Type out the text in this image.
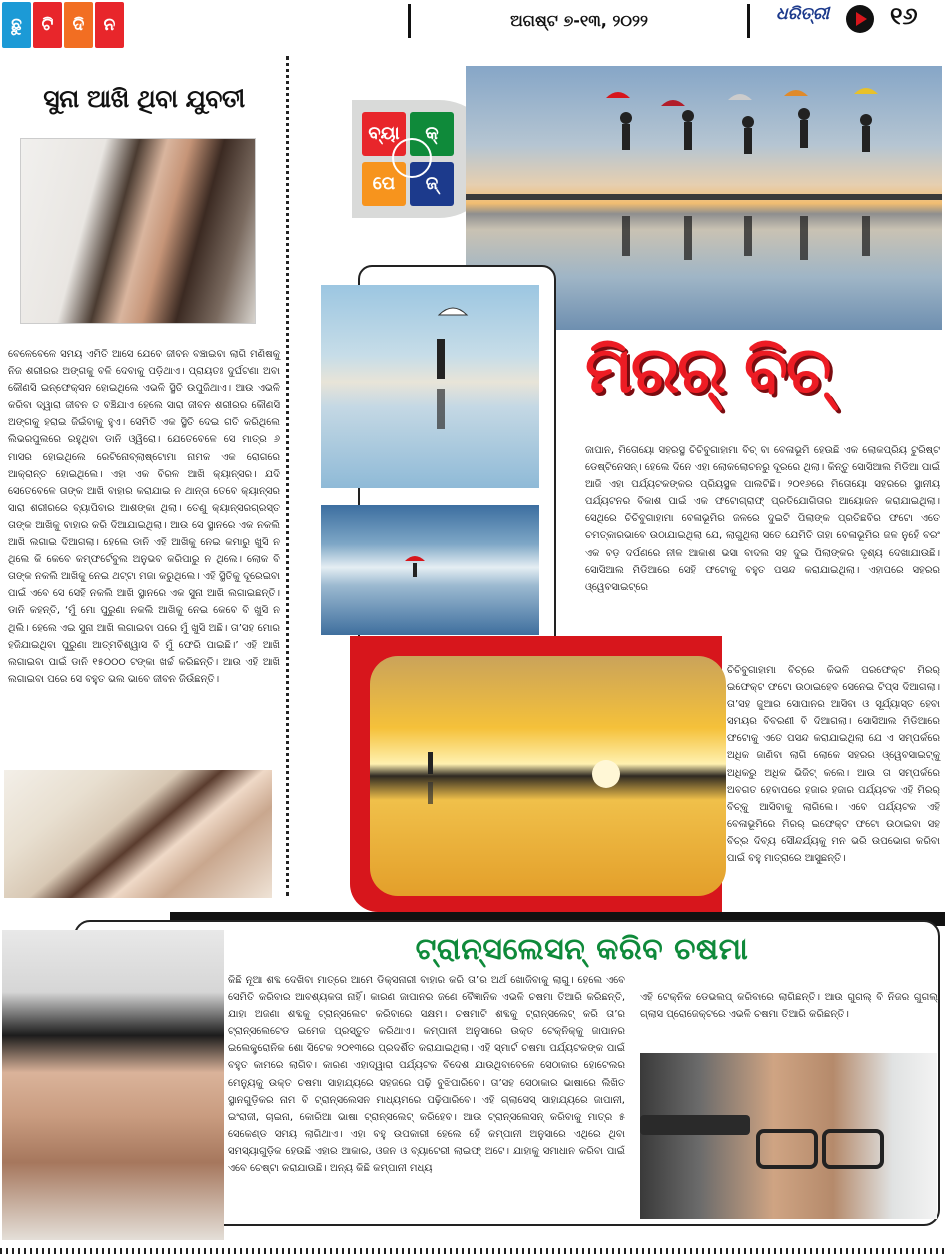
ଛୁ	ଟି	ଦି	ନ	ଅଗଷ୍ଟ ୭-୧୩, ୨୦୨୨	ଧରିତ୍ରୀ	୧୬
ସୁନା ଆଖି ଥିବା ଯୁବତୀ
ବେଳେବେଳେ ସମୟ ଏମିତି ଆସେ ଯେବେ ଜୀବନ ବଞ୍ଚାଇବା ଲାଗି ମଣିଷକୁ ନିଜ ଶରୀରର ଅଙ୍ଗକୁ ବଳି ଦେବାକୁ ପଡ଼ିଥାଏ। ପ୍ରାୟତଃ ଦୁର୍ଘଟଣା ଅବା କୌଣସି ଇନ୍‌ଫେକ୍ସନ ହୋଇଥିଲେ ଏଭଳି ସ୍ଥିତି ଉପୁଜିଥାଏ। ଆଉ ଏଭଳି କରିବା ଦ୍ୱାରା ଜୀବନ ତ ବଞ୍ଚିଯାଏ ହେଲେ ସାରା ଜୀବନ ଶରୀରର କୌଣସି ଅଙ୍ଗକୁ ହରାଇ ଜିଇଁବାକୁ ହୁଏ। ସେମିତି ଏକ ସ୍ଥିତି ଦେଇ ଗତି କରିଥିଲେ ଲିଭରପୁଲରେ ରହୁଥିବା ଡାନି ଓ୍ୱିରୋ। ଯେତେବେଳେ ସେ ମାତ୍ର ୬ ମାସର ହୋଇଥିଲେ ରେଟିନୋବ୍ଲାଷ୍ଟୋମା ନାମକ ଏକ ରୋଗରେ ଆକ୍ରାନ୍ତ ହୋଇଥିଲେ। ଏହା ଏକ ବିରଳ ଆଖି କ୍ୟାନ୍ସର। ଯଦି ସେତେବେଳେ ତାଙ୍କ ଆଖି ବାହାର କରାଯାଇ ନ ଥାନ୍ତା ତେବେ କ୍ୟାନ୍ସର ସାରା ଶରୀରରେ ବ୍ୟାପିବାର ଆଶଙ୍କା ଥିଲା। ତେଣୁ କ୍ୟାନ୍ସରଗ୍ରସ୍ତ ତାଙ୍କ ଆଖିକୁ ବାହାର କରି ଦିଆଯାଇଥିଲା। ଆଉ ସେ ସ୍ଥାନରେ ଏକ ନକଲି ଆଖି ଲଗାଇ ଦିଆଗଲା। ହେଲେ ଡାନି ଏହି ଆଖିକୁ ନେଇ କମାରୁ ଖୁସି ନ ଥିଲେ କି କେବେ କମ୍ଫର୍ଟେବୁଲ ଅନୁଭବ କରିପାରୁ ନ ଥିଲେ। ଲୋକ ବି ତାଙ୍କ ନକଲି ଆଖିକୁ ନେଇ ଥଟ୍ଟା ମଜା କରୁଥିଲେ। ଏହି ସ୍ଥିତିକୁ ଦୂରେଇବା ପାଇଁ ଏବେ ସେ ସେହି ନକଲି ଆଖି ସ୍ଥାନରେ ଏକ ସୁନା ଆଖି ଲଗାଇଛନ୍ତି। ଡାନି କହନ୍ତି, ‘ମୁଁ ମୋ ପୁରୁଣା ନକଲି ଆଖିକୁ ନେଇ କେବେ ବି ଖୁସି ନ ଥିଲି। ହେଲେ ଏଇ ସୁନା ଆଖି ଲଗାଇବା ପରେ ମୁଁ ଖୁସି ଅଛି। ତା’ସହ ମୋର ହଜିଯାଇଥିବା ପୁରୁଣା ଆତ୍ମବିଶ୍ୱାସ ବି ମୁଁ ଫେରି ପାଇଛି।’ ଏହି ଆଖି ଲଗାଇବା ପାଇଁ ଡାନି ୧୫୦୦୦ ଟଙ୍କା ଖର୍ଚ୍ଚ କରିଛନ୍ତି। ଆଉ ଏହି ଆଖି ଲଗାଇବା ପରେ ସେ ବହୁତ ଭଲ ଭାବେ ଜୀବନ ଜିଉଁଛନ୍ତି।
ବ୍ୟା	କ୍
ପେ	ଜ୍
ମିରର୍ ବିଚ୍
ଜାପାନ, ମିତୋୟୋ ସହରସ୍ଥ ଚିଚିବୁଗାହାମା ବିଚ୍ ବା ବେଳାଭୂମି ହେଉଛି ଏକ ଲୋକପ୍ରିୟ ଟୁରିଷ୍ଟ ଡେଷ୍ଟିନେସନ୍। ହେଲେ ଦିନେ ଏହା ଲୋକଲୋଚନରୁ ଦୂରରେ ଥିଲା। କିନ୍ତୁ ସୋସିଆଲ ମିଡିଆ ପାଇଁ ଆଜି ଏହା ପର୍ଯ୍ୟଟକଙ୍କର ପ୍ରିୟସ୍ଥଳ ପାଲଟିଛି। ୨୦୧୬ରେ ମିତୋୟୋ ସହରରେ ସ୍ଥାନୀୟ ପର୍ଯ୍ୟଟନର ବିକାଶ ପାଇଁ ଏକ ଫଟୋଗ୍ରାଫ୍ ପ୍ରତିଯୋଗିତାର ଆୟୋଜନ କରାଯାଇଥିଲା। ସେଥିରେ ଚିଚିବୁଗାହାମା ବେଳାଭୂମିର ଜଳରେ ଦୁଇଟି ପିଲାଙ୍କ ପ୍ରତିଛବିର ଫଟୋ ଏତେ ଚମତ୍କାରଭାବେ ଉଠାଯାଇଥିଲା ଯେ, ଲାଗୁଥିଲା ସତେ ଯେମିତି ତାହା ବେଳାଭୂମିର ଜଳ ନୁହେଁ ବରଂ ଏକ ବଡ଼ ଦର୍ପଣରେ ନୀଳ ଆକାଶ ଭସା ବାଦଲ ସହ ଦୁଇ ପିଲାଙ୍କର ଦୃଶ୍ୟ ଦେଖାଯାଉଛି। ସୋସିଆଲ ମିଡିଆରେ ସେହି ଫଟୋକୁ ବହୁତ ପସନ୍ଦ କରାଯାଇଥିଲା। ଏହାପରେ ସହରର ଓ୍ୱେବସାଇଟ୍‌ରେ
ଚିଚିବୁଗାହାମା ବିଚ୍‌ରେ କିଭଳି ପରଫେକ୍ଟ ମିରର୍ ଇଫେକ୍ଟ ଫଟୋ ଉଠାଇହେବ ସେନେଇ ଟିପ୍ସ ଦିଆଗଲା। ତା’ସହ ଜୁଆର ସୋପାନର ଆସିବା ଓ ସୂର୍ଯ୍ୟାସ୍ତ ହେବା ସମୟର ବିବରଣୀ ବି ଦିଆଗଲା। ସୋସିଆଲ ମିଡିଆରେ ଫଟୋକୁ ଏତେ ପସନ୍ଦ କରାଯାଇଥିଲା ଯେ ଏ ସମ୍ପର୍କରେ ଅଧିକ ଜାଣିବା ଲାଗି ଲୋକେ ସହରର ଓ୍ୱେବସାଇଟ୍‌କୁ ଅଧିକରୁ ଅଧିକ ଭିଜିଟ୍ କଲେ। ଆଉ ତା ସମ୍ପର୍କରେ ଅବଗତ ହେବାପରେ ହଜାର ହଜାର ପର୍ଯ୍ୟଟକ ଏହି ମିରର୍ ବିଚ୍‌କୁ ଆସିବାକୁ ଲାଗିଲେ। ଏବେ ପର୍ଯ୍ୟଟକ ଏହି ବେଳାଭୂମିରେ ମିରର୍ ଇଫେକ୍ଟ ଫଟୋ ଉଠାଇବା ସହ ବିଚ୍‌ର ଦିବ୍ୟ ସୌନ୍ଦର୍ଯ୍ୟକୁ ମନ ଭରି ଉପଭୋଗ କରିବା ପାଇଁ ବହୁ ମାତ୍ରାରେ ଆସୁଛନ୍ତି।
ଟ୍ରାନ୍ସଲେସନ୍ କରିବ ଚଷମା
କିଛି ନୂଆ ଶବ୍ଦ ଦେଖିବା ମାତ୍ରେ ଆମେ ଡିକ୍ସନାରୀ ବାହାର କରି ତା’ର ଅର୍ଥ ଖୋଜିବାକୁ ଲାଗୁ। ହେଲେ ଏବେ ସେମିତି କରିବାର ଆବଶ୍ୟକତା ନାହିଁ। କାରଣ ଜାପାନର ଜଣେ ବୈଜ୍ଞାନିକ ଏଭଳି ଚଷମା ତିଆରି କରିଛନ୍ତି, ଯାହା ଅଜଣା ଶବ୍ଦକୁ ଟ୍ରାନ୍ସଲେଟ କରିବାରେ ସକ୍ଷମ। ଚଷମାଟି ଶବ୍ଦକୁ ଟ୍ରାନ୍ସଲେଟ୍ କରି ତା’ର ଟ୍ରାନ୍ସଲେଟେଡ ଇମେଜ ପ୍ରସ୍ତୁତ କରିଥାଏ। କମ୍ପାନୀ ଅନୁସାରେ ଉକ୍ତ ଟେକ୍ନିକ୍‌କୁ ଜାପାନର ଇଲେକ୍ଟ୍ରୋନିକ ଶୋ ସିଟେକ ୨୦୧୩ରେ ପ୍ରଦର୍ଶିତ କରାଯାଇଥିଲା। ଏହି ସ୍ମାର୍ଟ ଚଷମା ପର୍ଯ୍ୟଟକଙ୍କ ପାଇଁ ବହୁତ କାମରେ ଲାଗିବ। କାରଣ ଏହାଦ୍ୱାରା ପର୍ଯ୍ୟଟକ ବିଦେଶ ଯାଉଥିବାବେଳେ ସେଠାକାର ହୋଟେଲର ମେନ୍ୟୁକୁ ଉକ୍ତ ଚଷମା ସାହାଯ୍ୟରେ ସହଜରେ ପଢ଼ି ବୁଝିପାରିବେ। ତା’ସହ ସେଠାକାର ଭାଷାରେ ଲିଖିତ ସ୍ଥାନଗୁଡ଼ିକର ନାମ ବି ଟ୍ରାନ୍ସଲେସନ ମାଧ୍ୟମରେ ପଢ଼ିପାରିବେ। ଏହି ଗ୍ଲାସେସ୍ ସାହାଯ୍ୟରେ ଜାପାନୀ, ଇଂରାଜୀ, ଚାଇନା, କୋରିଆ ଭାଷା ଟ୍ରାନ୍ସଲେଟ୍ କରିହେବ। ଆଉ ଟ୍ରାନ୍ସଲେସନ୍ କରିବାକୁ ମାତ୍ର ୫ ସେକେଣ୍ଡ ସମୟ ଲାଗିଥାଏ। ଏହା ବହୁ ଉପକାରୀ ହେଲେ ହେଁ କମ୍ପାନୀ ଅନୁସାରେ ଏଥିରେ ଥିବା ସମସ୍ୟାଗୁଡ଼ିକ ହେଉଛି ଏହାର ଆକାର, ଓଜନ ଓ ବ୍ୟାଟେରୀ ଲାଇଫ୍ ଅଟେ। ଯାହାକୁ ସମାଧାନ କରିବା ପାଇଁ ଏବେ ଚେଷ୍ଟା କରାଯାଉଛି। ଅନ୍ୟ କିଛି କମ୍ପାନୀ ମଧ୍ୟ
ଏହି ଟେକ୍ନିକ ଡେଭଲପ୍ କରିବାରେ ଲାଗିଛନ୍ତି। ଆଉ ଗୁଗଲ୍ ବି ନିଜର ଗୁଗଲ୍ ଗ୍ଲାସ ପ୍ରୋଜେକ୍ଟରେ ଏଭଳି ଚଷମା ତିଆରି କରିଛନ୍ତି।
